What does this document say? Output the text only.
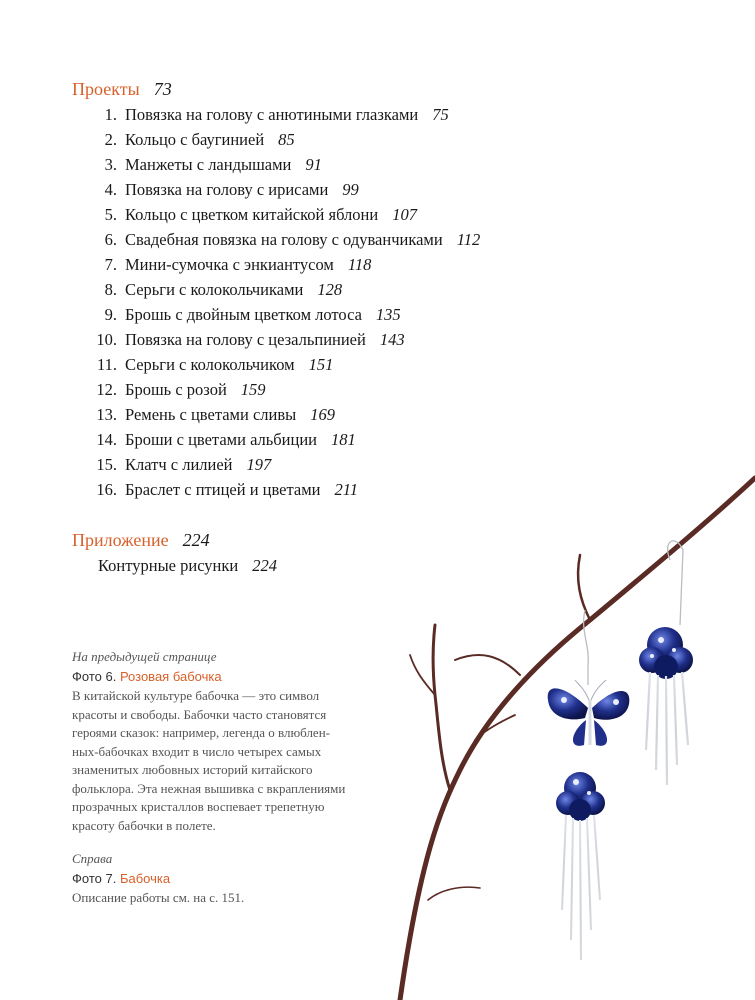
Проекты 73
1. Повязка на голову с анютиными глазками 75
2. Кольцо с баугинией 85
3. Манжеты с ландышами 91
4. Повязка на голову с ирисами 99
5. Кольцо с цветком китайской яблони 107
6. Свадебная повязка на голову с одуванчиками 112
7. Мини-сумочка с энкиантусом 118
8. Серьги с колокольчиками 128
9. Брошь с двойным цветком лотоса 135
10. Повязка на голову с цезальпинией 143
11. Серьги с колокольчиком 151
12. Брошь с розой 159
13. Ремень с цветами сливы 169
14. Броши с цветами альбиции 181
15. Клатч с лилией 197
16. Браслет с птицей и цветами 211
Приложение 224
Контурные рисунки 224
На предыдущей странице
Фото 6. Розовая бабочка
В китайской культуре бабочка — это символ
красоты и свободы. Бабочки часто становятся
героями сказок: например, легенда о влюблен-
ных-бабочках входит в число четырех самых
знаменитых любовных историй китайского
фольклора. Эта нежная вышивка с вкраплениями
прозрачных кристаллов воспевает трепетную
красоту бабочки в полете.
Справа
Фото 7. Бабочка
Описание работы см. на с. 151.
